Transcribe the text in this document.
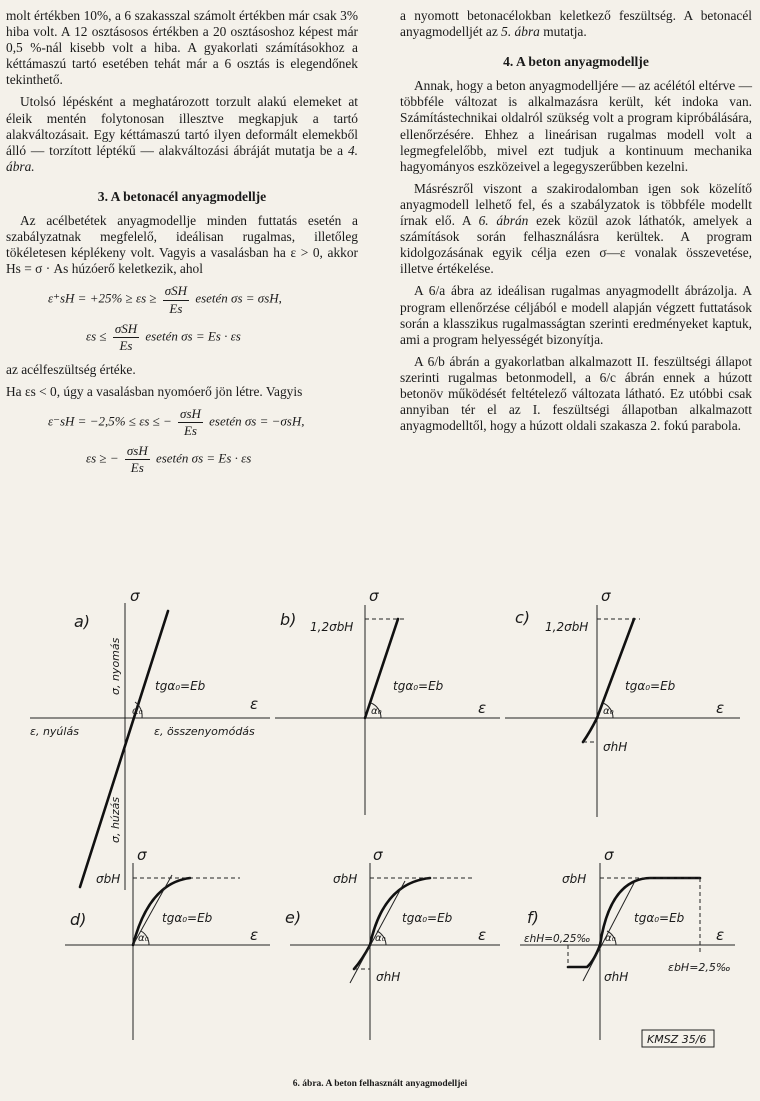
molt értékben 10%, a 6 szakasszal számolt értékben már csak 3% hiba volt. A 12 osztásosos értékben a 20 osztásoshoz képest már 0,5 %-nál kisebb volt a hiba. A gyakorlati számításokhoz a kéttámaszú tartó esetében tehát már a 6 osztás is elegendőnek tekinthető.

Utolsó lépésként a meghatározott torzult alakú elemeket at éleik mentén folytonosan illesztve megkapjuk a tartó alakváltozásait. Egy kéttámaszú tartó ilyen deformált elemekből álló — torzított léptékű — alakváltozási ábráját mutatja be a 4. ábra.

3. A betonacél anyagmodellje

Az acélbetétek anyagmodellje minden futtatás esetén a szabályzatnak megfelelő, ideálisan rugalmas, illetőleg tökéletesen képlékeny volt. Vagyis a vasalásban ha ε > 0, akkor Hs = σ · As húzóerő keletkezik, ahol

$\varepsilon^+sH = +25\% \ge \varepsilon s \ge \frac{\text{σSH}}{Es}$ esetén σs = σsH,
$\varepsilon s \le \frac{\text{σSH}}{Es}$ esetén σs = Es · εs

az acélfeszültség értéke.

Ha εs < 0, úgy a vasalásban nyomóerő jön létre. Vagyis

ε⁻sH = −2,5% ≤ εs ≤ − $\frac{\text{σsH}}{Es}$ esetén σs = −σsH,
εs ≥ − $\frac{\text{σsH}}{Es}$ esetén σs = Es · εs

a nyomott betonacélokban keletkező feszültség. A betonacél anyagmodelljét az 5. ábra mutatja.

4. A beton anyagmodellje

Annak, hogy a beton anyagmodelljére — az acélétól eltérve — többféle változat is alkalmazásra került, két indoka van. Számítástechnikai oldalról szükség volt a program kipróbálására, ellenőrzésére. Ehhez a lineárisan rugalmas modell volt a legmegfelelőbb, mivel ezt tudjuk a kontinuum mechanika hagyományos eszközeivel a legegyszerűbben kezelni.

Másrészről viszont a szakirodalomban igen sok közelítő anyagmodell lelhető fel, és a szabályzatok is többféle modellt írnak elő. A 6. ábrán ezek közül azok láthatók, amelyek a számítások során felhasználásra kerültek. A program kidolgozásának egyik célja ezen σ—ε vonalak összevetése, illetve értékelése.

A 6/a ábra az ideálisan rugalmas anyagmodellt ábrázolja. A program ellenőrzése céljából e modell alapján végzett futtatások során a klasszikus rugalmasságtan szerinti eredményeket kaptuk, ami a program helyességét bizonyítja.

A 6/b ábrán a gyakorlatban alkalmazott II. feszültségi állapot szerinti rugalmas betonmodell, a 6/c ábrán ennek a húzott betonöv működését feltételező változata látható. Ez utóbbi csak annyiban tér el az I. feszültségi állapotban alkalmazott anyagmodelltől, hogy a húzott oldali szakasza 2. fokú parabola.

a)
σ
ε
σ, nyomás
σ, húzás
ε, nyúlás	ε, összenyomódás
α₀
tgα₀=Eb
b)
σ
ε
1,2σbH
α₀
tgα₀=Eb
c)
σ
ε
1,2σbH
α₀
tgα₀=Eb
σhH
d)
σ
ε
σbH
α₀
tgα₀=Eb	e)
σ
ε
σbH
α₀
tgα₀=Eb
σhH
f)
σ
ε
σbH
α₀
tgα₀=Eb
σhH
εhH=0,25‰
εbH=2,5‰
KMSZ 35/6
6. ábra. A beton felhasznált anyagmodelljei
